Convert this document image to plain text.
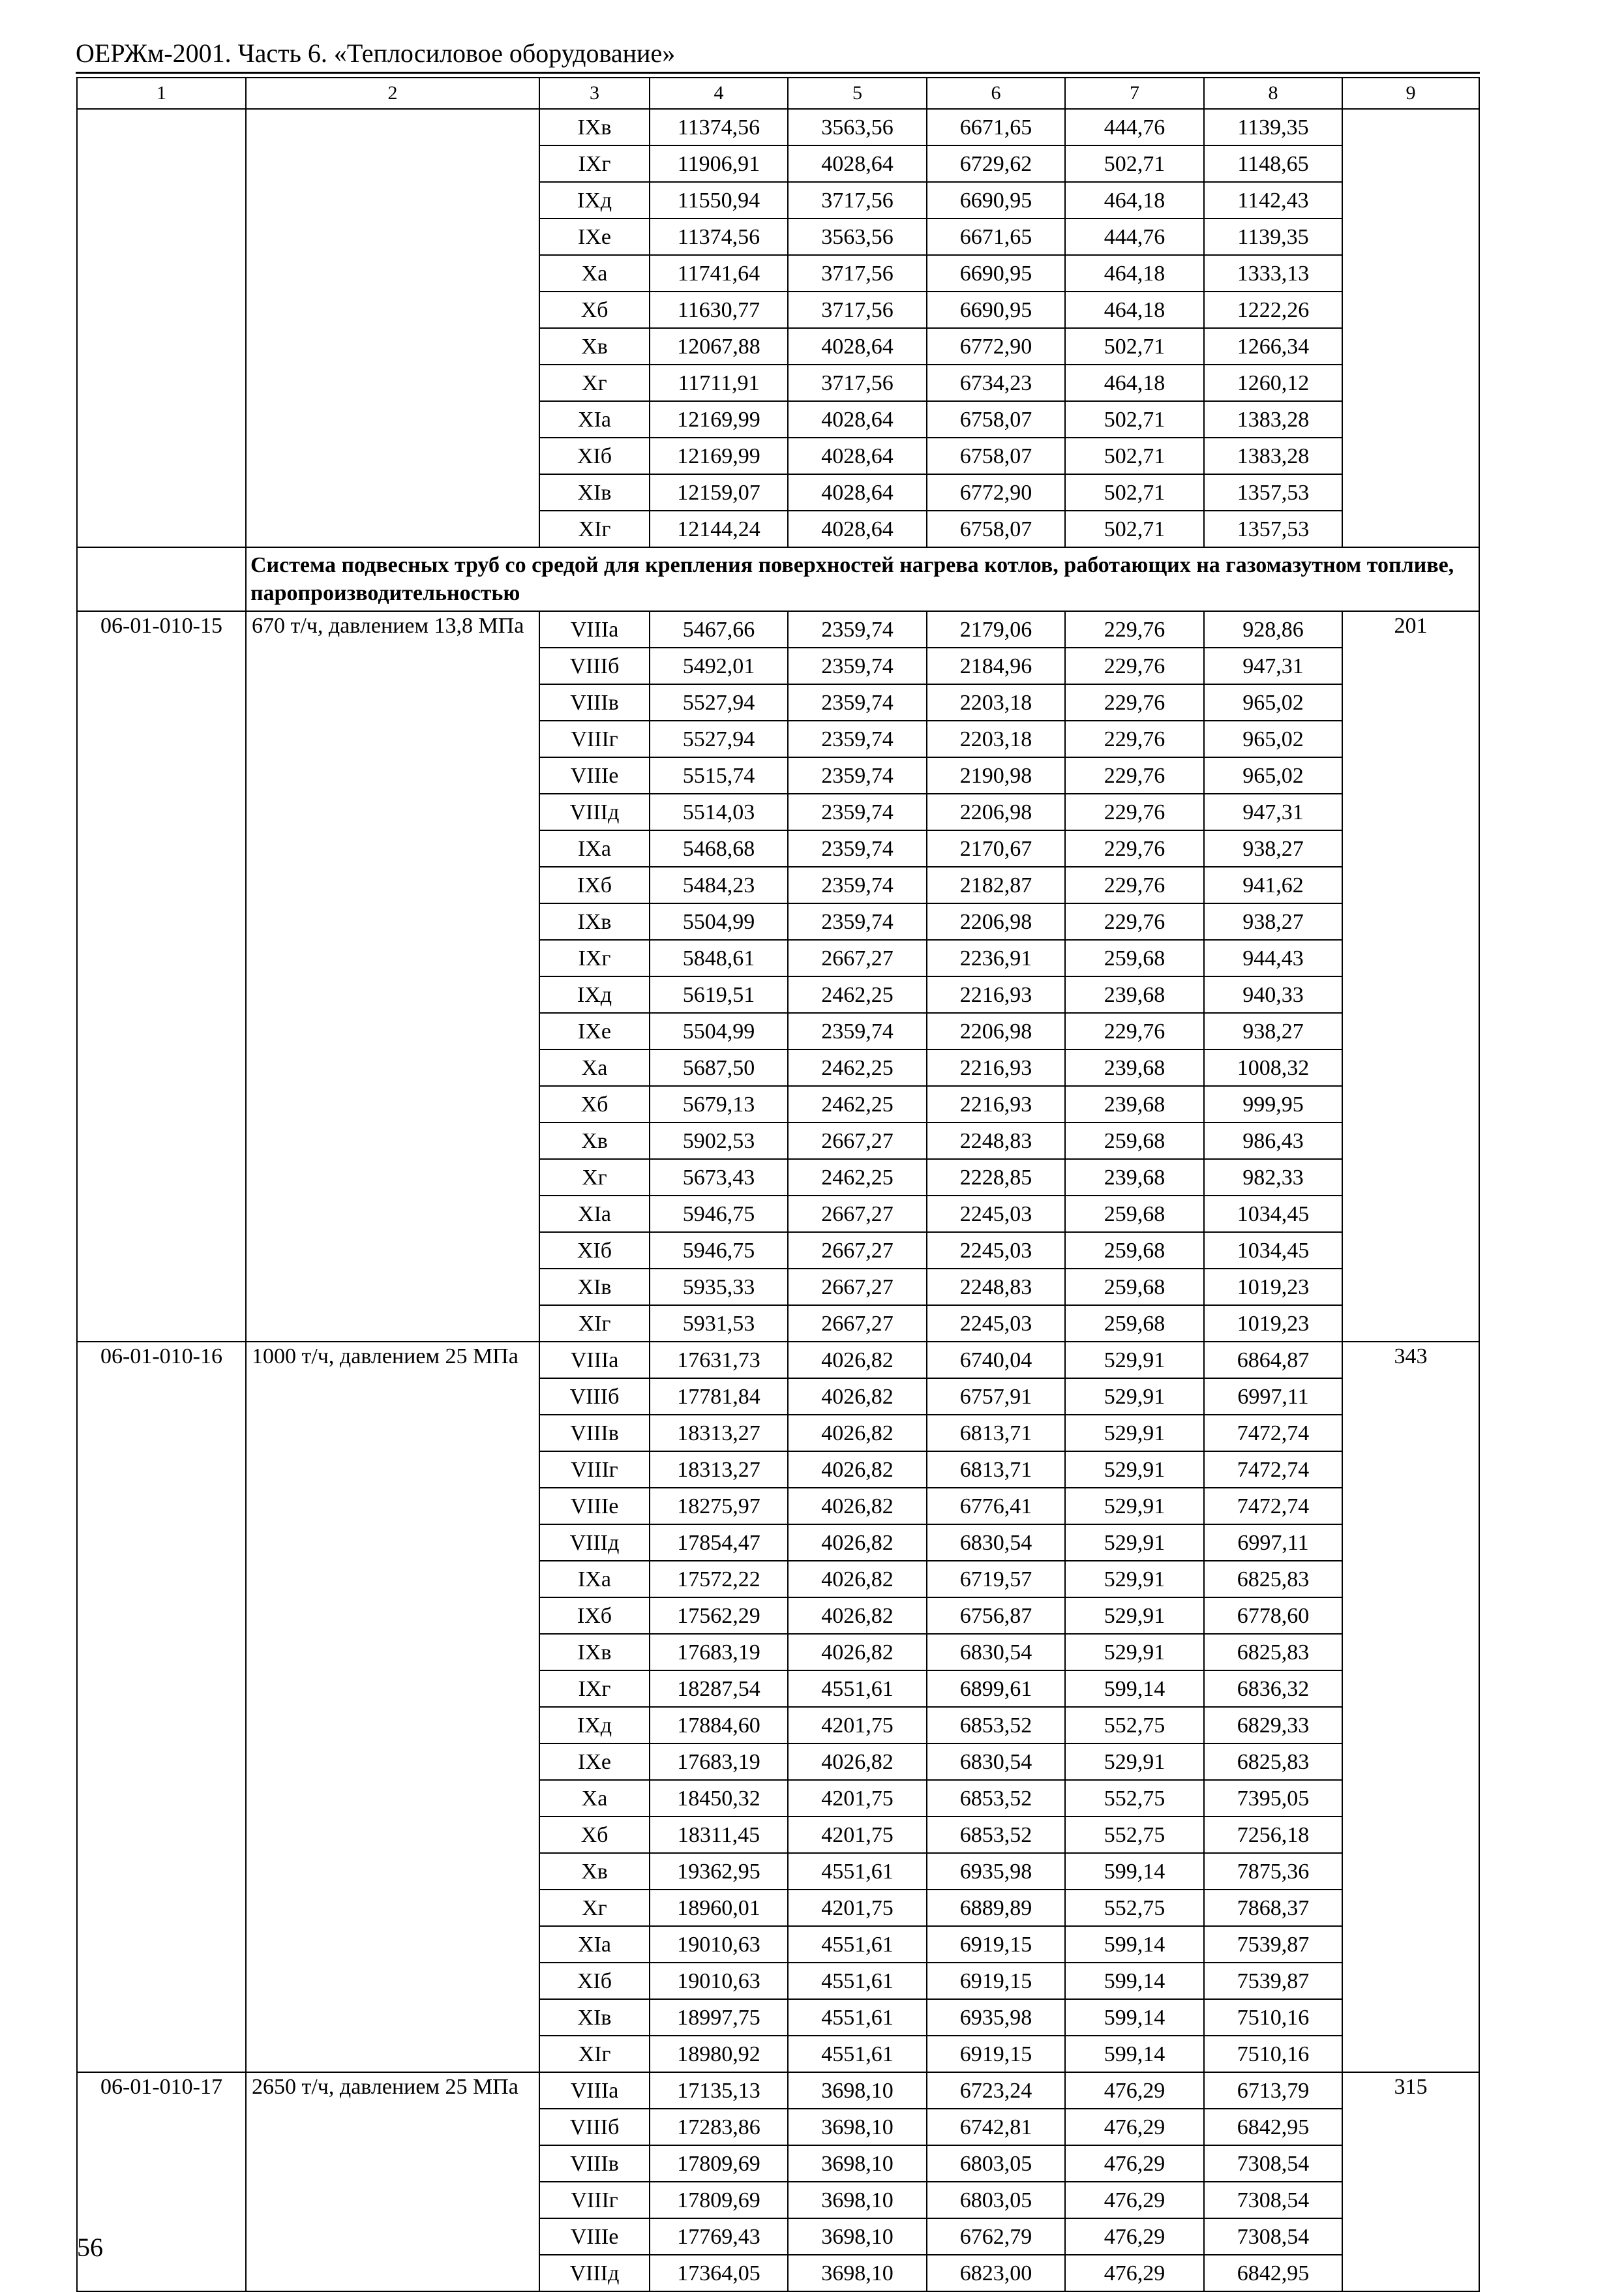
ОЕРЖм-2001. Часть 6. «Теплосиловое оборудование»
1	2	3	4	5	6	7	8	9
		IXв	11374,56	3563,56	6671,65	444,76	1139,35	
		IXг	11906,91	4028,64	6729,62	502,71	1148,65	
		IXд	11550,94	3717,56	6690,95	464,18	1142,43	
		IXе	11374,56	3563,56	6671,65	444,76	1139,35	
		Xа	11741,64	3717,56	6690,95	464,18	1333,13	
		Xб	11630,77	3717,56	6690,95	464,18	1222,26	
		Xв	12067,88	4028,64	6772,90	502,71	1266,34	
		Xг	11711,91	3717,56	6734,23	464,18	1260,12	
		XIа	12169,99	4028,64	6758,07	502,71	1383,28	
		XIб	12169,99	4028,64	6758,07	502,71	1383,28	
		XIв	12159,07	4028,64	6772,90	502,71	1357,53	
		XIг	12144,24	4028,64	6758,07	502,71	1357,53	
	Система подвесных труб со средой для крепления поверхностей нагрева котлов, работающих на газомазутном топливе, паропроизводительностью							
06-01-010-15	670 т/ч, давлением 13,8 МПа	VIIIа	5467,66	2359,74	2179,06	229,76	928,86	201
		VIIIб	5492,01	2359,74	2184,96	229,76	947,31	
		VIIIв	5527,94	2359,74	2203,18	229,76	965,02	
		VIIIг	5527,94	2359,74	2203,18	229,76	965,02	
		VIIIе	5515,74	2359,74	2190,98	229,76	965,02	
		VIIIд	5514,03	2359,74	2206,98	229,76	947,31	
		IXа	5468,68	2359,74	2170,67	229,76	938,27	
		IXб	5484,23	2359,74	2182,87	229,76	941,62	
		IXв	5504,99	2359,74	2206,98	229,76	938,27	
		IXг	5848,61	2667,27	2236,91	259,68	944,43	
		IXд	5619,51	2462,25	2216,93	239,68	940,33	
		IXе	5504,99	2359,74	2206,98	229,76	938,27	
		Xа	5687,50	2462,25	2216,93	239,68	1008,32	
		Xб	5679,13	2462,25	2216,93	239,68	999,95	
		Xв	5902,53	2667,27	2248,83	259,68	986,43	
		Xг	5673,43	2462,25	2228,85	239,68	982,33	
		XIа	5946,75	2667,27	2245,03	259,68	1034,45	
		XIб	5946,75	2667,27	2245,03	259,68	1034,45	
		XIв	5935,33	2667,27	2248,83	259,68	1019,23	
		XIг	5931,53	2667,27	2245,03	259,68	1019,23	
06-01-010-16	1000 т/ч, давлением 25 МПа	VIIIа	17631,73	4026,82	6740,04	529,91	6864,87	343
		VIIIб	17781,84	4026,82	6757,91	529,91	6997,11	
		VIIIв	18313,27	4026,82	6813,71	529,91	7472,74	
		VIIIг	18313,27	4026,82	6813,71	529,91	7472,74	
		VIIIе	18275,97	4026,82	6776,41	529,91	7472,74	
		VIIIд	17854,47	4026,82	6830,54	529,91	6997,11	
		IXа	17572,22	4026,82	6719,57	529,91	6825,83	
		IXб	17562,29	4026,82	6756,87	529,91	6778,60	
		IXв	17683,19	4026,82	6830,54	529,91	6825,83	
		IXг	18287,54	4551,61	6899,61	599,14	6836,32	
		IXд	17884,60	4201,75	6853,52	552,75	6829,33	
		IXе	17683,19	4026,82	6830,54	529,91	6825,83	
		Xа	18450,32	4201,75	6853,52	552,75	7395,05	
		Xб	18311,45	4201,75	6853,52	552,75	7256,18	
		Xв	19362,95	4551,61	6935,98	599,14	7875,36	
		Xг	18960,01	4201,75	6889,89	552,75	7868,37	
		XIа	19010,63	4551,61	6919,15	599,14	7539,87	
		XIб	19010,63	4551,61	6919,15	599,14	7539,87	
		XIв	18997,75	4551,61	6935,98	599,14	7510,16	
		XIг	18980,92	4551,61	6919,15	599,14	7510,16	
06-01-010-17	2650 т/ч, давлением 25 МПа	VIIIа	17135,13	3698,10	6723,24	476,29	6713,79	315
		VIIIб	17283,86	3698,10	6742,81	476,29	6842,95	
		VIIIв	17809,69	3698,10	6803,05	476,29	7308,54	
		VIIIг	17809,69	3698,10	6803,05	476,29	7308,54	
		VIIIе	17769,43	3698,10	6762,79	476,29	7308,54	
		VIIIд	17364,05	3698,10	6823,00	476,29	6842,95	
56
